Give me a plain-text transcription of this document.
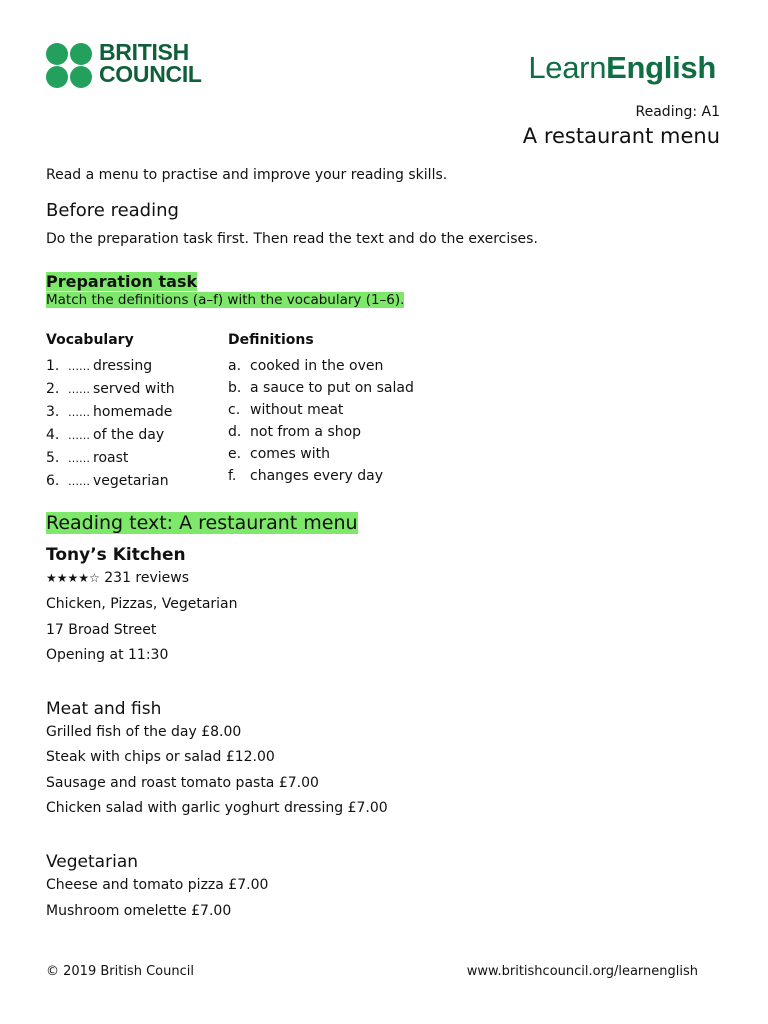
BRITISH
COUNCIL	LearnEnglish
Reading: A1
A restaurant menu
Read a menu to practise and improve your reading skills.
Before reading
Do the preparation task first. Then read the text and do the exercises.
Preparation task
Match the definitions (a–f) with the vocabulary (1–6).
Vocabulary	Definitions
1. …… dressing
2. …… served with
3. …… homemade
4. …… of the day
5. …… roast
6. …… vegetarian
a. cooked in the oven
b. a sauce to put on salad
c. without meat
d. not from a shop
e. comes with
f. changes every day
Reading text: A restaurant menu
Tony’s Kitchen
★★★★☆ 231 reviews
Chicken, Pizzas, Vegetarian
17 Broad Street
Opening at 11:30
Meat and fish
Grilled fish of the day £8.00
Steak with chips or salad £12.00
Sausage and roast tomato pasta £7.00
Chicken salad with garlic yoghurt dressing £7.00
Vegetarian
Cheese and tomato pizza £7.00
Mushroom omelette £7.00
© 2019 British Council	www.britishcouncil.org/learnenglish
